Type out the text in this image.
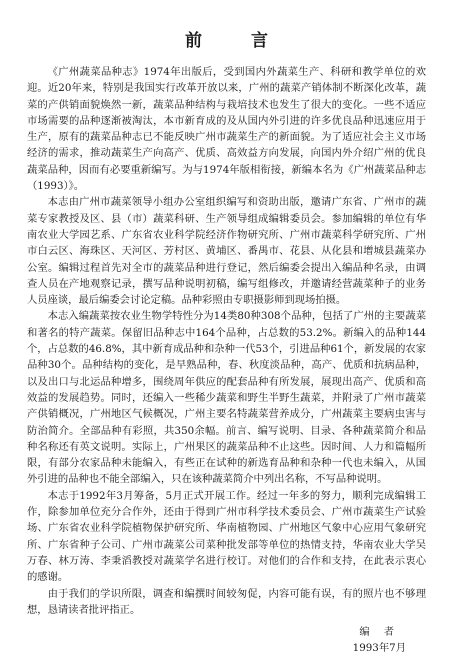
前　言

《广州蔬菜品种志》1974年出版后，受到国内外蔬菜生产、科研和教学单位的欢迎。近20年来，特别是我国实行改革开放以来，广州的蔬菜产销体制不断深化改革，蔬菜的产供销面貌焕然一新，蔬菜品种结构与栽培技术也发生了很大的变化。一些不适应市场需要的品种逐渐被淘汰，本市新育成的及从国内外引进的许多优良品种迅速应用于生产，原有的蔬菜品种志已不能反映广州市蔬菜生产的新面貌。为了适应社会主义市场经济的需求，推动蔬菜生产向高产、优质、高效益方向发展，向国内外介绍广州的优良蔬菜品种，因而有必要重新编写。为与1974年版相衔接，新编本名为《广州蔬菜品种志（1993）》。

本志由广州市蔬菜领导小组办公室组织编写和资助出版，邀请广东省、广州市的蔬菜专家教授及区、县（市）蔬菜科研、生产领导组成编辑委员会。参加编辑的单位有华南农业大学园艺系、广东省农业科学院经济作物研究所、广州市蔬菜科学研究所、广州市白云区、海珠区、天河区、芳村区、黄埔区、番禺市、花县、从化县和增城县蔬菜办公室。编辑过程首先对全市的蔬菜品种进行登记，然后编委会提出入编品种名录，由调查人员在产地观察记录，撰写品种说明初稿，编写组修改，并邀请经营蔬菜种子的业务人员座谈，最后编委会讨论定稿。品种彩照由专职摄影师到现场拍摄。

本志入编蔬菜按农业生物学特性分为14类80种308个品种，包括了广州的主要蔬菜和著名的特产蔬菜。保留旧品种志中164个品种，占总数的53.2%。新编入的品种144个，占总数的46.8%，其中新育成品种和杂种一代53个，引进品种61个，新发展的农家品种30个。品种结构的变化，是早熟品种，春、秋度淡品种，高产、优质和抗病品种，以及出口与北运品种增多，围绕周年供应的配套品种有所发展，展现出高产、优质和高效益的发展趋势。同时，还编入一些稀少蔬菜和野生半野生蔬菜，并附录了广州市蔬菜产供销概况，广州地区气候概况，广州主要名特蔬菜营养成分，广州蔬菜主要病虫害与防治简介。全部品种有彩照，共350余幅。前言、编写说明、目录、各种蔬菜简介和品种名称还有英文说明。实际上，广州果区的蔬菜品种不止这些。因时间、人力和篇幅所限，有部分农家品种未能编入，有些正在试种的新选育品种和杂种一代也未编入，从国外引进的品种也不能全部编入，只在该种蔬菜简介中列出名称，不写品种说明。

本志于1992年3月筹备，5月正式开展工作。经过一年多的努力，顺利完成编辑工作，除参加单位充分合作外，还由于得到广州市科学技术委员会、广州市蔬菜生产试验场、广东省农业科学院植物保护研究所、华南植物园、广州地区气象中心应用气象研究所、广东省种子公司、广州市蔬菜公司菜种批发部等单位的热情支持，华南农业大学吴万春、林万涛、李秉滔教授对蔬菜学名进行校订。对他们的合作和支持，在此表示衷心的感谢。

由于我们的学识所限，调查和编撰时间较匆促，内容可能有误，有的照片也不够理想，恳请读者批评指正。

编者

1993年7月
